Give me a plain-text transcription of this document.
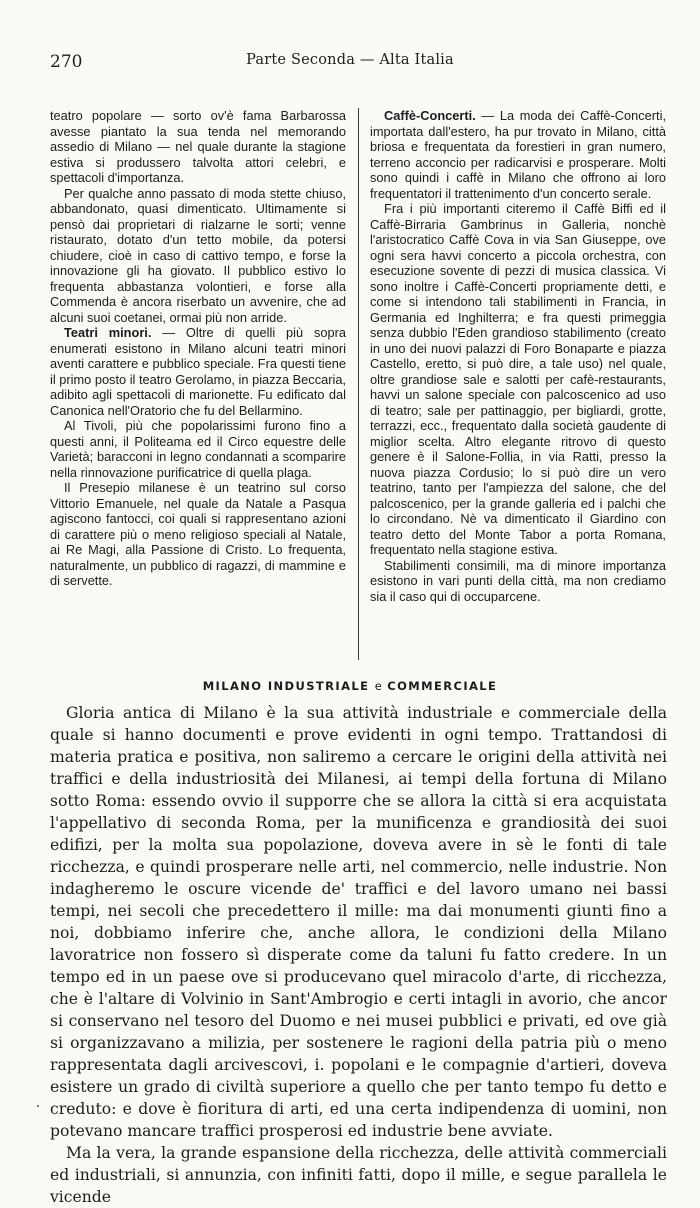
270	Parte Seconda — Alta Italia

teatro popolare — sorto ov'è fama Barbarossa avesse piantato la sua tenda nel memorando assedio di Milano — nel quale durante la stagione estiva si produssero talvolta attori celebri, e spettacoli d'importanza.

Per qualche anno passato di moda stette chiuso, abbandonato, quasi dimenticato. Ultimamente si pensò dai proprietari di rialzarne le sorti; venne ristaurato, dotato d'un tetto mobile, da potersi chiudere, cioè in caso di cattivo tempo, e forse la innovazione gli ha giovato. Il pubblico estivo lo frequenta abbastanza volontieri, e forse alla Commenda è ancora riserbato un avvenire, che ad alcuni suoi coetanei, ormai più non arride.

Teatri minori. — Oltre di quelli più sopra enumerati esistono in Milano alcuni teatri minori aventi carattere e pubblico speciale. Fra questi tiene il primo posto il teatro Gerolamo, in piazza Beccaria, adibito agli spettacoli di marionette. Fu edificato dal Canonica nell'Oratorio che fu del Bellarmino.

Al Tivoli, più che popolarissimi furono fino a questi anni, il Politeama ed il Circo equestre delle Varietà; baracconi in legno condannati a scomparire nella rinnovazione purificatrice di quella plaga.

Il Presepio milanese è un teatrino sul corso Vittorio Emanuele, nel quale da Natale a Pasqua agiscono fantocci, coi quali si rappresentano azioni di carattere più o meno religioso speciali al Natale, ai Re Magi, alla Passione di Cristo. Lo frequenta, naturalmente, un pubblico di ragazzi, di mammine e di servette.

Caffè-Concerti. — La moda dei Caffè-Concerti, importata dall'estero, ha pur trovato in Milano, città briosa e frequentata da forestieri in gran numero, terreno acconcio per radicarvisi e prosperare. Molti sono quindi i caffè in Milano che offrono ai loro frequentatori il trattenimento d'un concerto serale.

Fra i più importanti citeremo il Caffè Biffi ed il Caffè-Birraria Gambrinus in Galleria, nonchè l'aristocratico Caffè Cova in via San Giuseppe, ove ogni sera havvi concerto a piccola orchestra, con esecuzione sovente di pezzi di musica classica. Vi sono inoltre i Caffè-Concerti propriamente detti, e come si intendono tali stabilimenti in Francia, in Germania ed Inghilterra; e fra questi primeggia senza dubbio l'Eden grandioso stabilimento (creato in uno dei nuovi palazzi di Foro Bonaparte e piazza Castello, eretto, si può dire, a tale uso) nel quale, oltre grandiose sale e salotti per cafè-restaurants, havvi un salone speciale con palcoscenico ad uso di teatro; sale per pattinaggio, per bigliardi, grotte, terrazzi, ecc., frequentato dalla società gaudente di miglior scelta. Altro elegante ritrovo di questo genere è il Salone-Follia, in via Ratti, presso la nuova piazza Cordusio; lo si può dire un vero teatrino, tanto per l'ampiezza del salone, che del palcoscenico, per la grande galleria ed i palchi che lo circondano. Nè va dimenticato il Giardino con teatro detto del Monte Tabor a porta Romana, frequentato nella stagione estiva.

Stabilimenti consimili, ma di minore importanza esistono in vari punti della città, ma non crediamo sia il caso qui di occuparcene.

MILANO INDUSTRIALE e COMMERCIALE

Gloria antica di Milano è la sua attività industriale e commerciale della quale si hanno documenti e prove evidenti in ogni tempo. Trattandosi di materia pratica e positiva, non saliremo a cercare le origini della attività nei traffici e della industriosità dei Milanesi, ai tempi della fortuna di Milano sotto Roma: essendo ovvio il supporre che se allora la città si era acquistata l'appellativo di seconda Roma, per la munificenza e grandiosità dei suoi edifizi, per la molta sua popolazione, doveva avere in sè le fonti di tale ricchezza, e quindi prosperare nelle arti, nel commercio, nelle industrie. Non indagheremo le oscure vicende de' traffici e del lavoro umano nei bassi tempi, nei secoli che precedettero il mille: ma dai monumenti giunti fino a noi, dobbiamo inferire che, anche allora, le condizioni della Milano lavoratrice non fossero sì disperate come da taluni fu fatto credere. In un tempo ed in un paese ove si producevano quel miracolo d'arte, di ricchezza, che è l'altare di Volvinio in Sant'Ambrogio e certi intagli in avorio, che ancor si conservano nel tesoro del Duomo e nei musei pubblici e privati, ed ove già si organizzavano a milizia, per sostenere le ragioni della patria più o meno rappresentata dagli arcivescovi, i. popolani e le compagnie d'artieri, doveva esistere un grado di civiltà superiore a quello che per tanto tempo fu detto e creduto: e dove è fioritura di arti, ed una certa indipendenza di uomini, non potevano mancare traffici prosperosi ed industrie bene avviate.

Ma la vera, la grande espansione della ricchezza, delle attività commerciali ed industriali, si annunzia, con infiniti fatti, dopo il mille, e segue parallela le vicende
